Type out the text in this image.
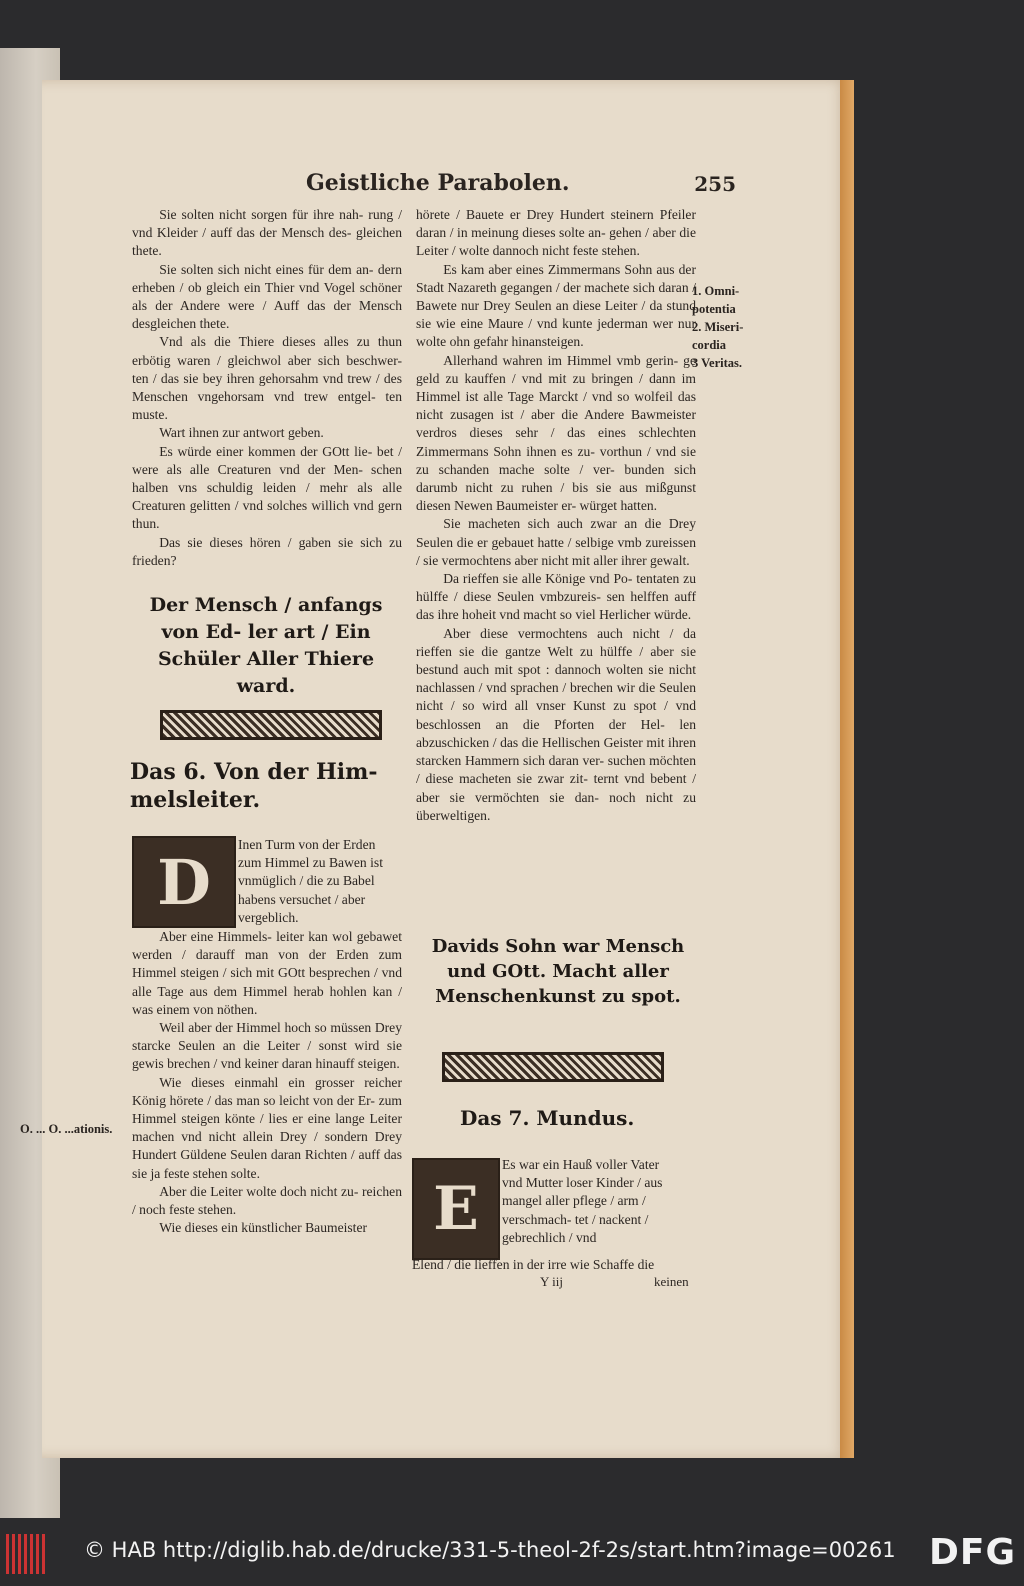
Geistliche Parabolen.	255

Sie solten nicht sorgen für ihre nah- rung / vnd Kleider / auff das der Mensch des- gleichen thete.

Sie solten sich nicht eines für dem an- dern erheben / ob gleich ein Thier vnd Vogel schöner als der Andere were / Auff das der Mensch desgleichen thete.

Vnd als die Thiere dieses alles zu thun erbötig waren / gleichwol aber sich beschwer- ten / das sie bey ihren gehorsahm vnd trew / des Menschen vngehorsam vnd trew entgel- ten muste.

Wart ihnen zur antwort geben.

Es würde einer kommen der GOtt lie- bet / were als alle Creaturen vnd der Men- schen halben vns schuldig leiden / mehr als alle Creaturen gelitten / vnd solches willich vnd gern thun.

Das sie dieses hören / gaben sie sich zu frieden?

Der Mensch / anfangs von Ed- ler art / Ein Schüler Aller Thiere ward.
Das 6. Von der Him- melsleiter.
D
Inen Turm von der Erden zum Himmel zu Bawen ist vnmüglich / die zu Babel habens versuchet / aber vergeblich.

Aber eine Himmels- leiter kan wol gebawet werden / darauff man von der Erden zum Himmel steigen / sich mit GOtt besprechen / vnd alle Tage aus dem Himmel herab hohlen kan / was einem von nöthen.

Weil aber der Himmel hoch so müssen Drey starcke Seulen an die Leiter / sonst wird sie gewis brechen / vnd keiner daran hinauff steigen.

Wie dieses einmahl ein grosser reicher König hörete / das man so leicht von der Er- zum Himmel steigen könte / lies er eine lange Leiter machen vnd nicht allein Drey / sondern Drey Hundert Güldene Seulen daran Richten / auff das sie ja feste stehen solte.

Aber die Leiter wolte doch nicht zu- reichen / noch feste stehen.

Wie dieses ein künstlicher Baumeister

hörete / Bauete er Drey Hundert steinern Pfeiler daran / in meinung dieses solte an- gehen / aber die Leiter / wolte dannoch nicht feste stehen.

Es kam aber eines Zimmermans Sohn aus der Stadt Nazareth gegangen / der machete sich daran / Bawete nur Drey Seulen an diese Leiter / da stund sie wie eine Maure / vnd kunte jederman wer nur wolte ohn gefahr hinansteigen.

Allerhand wahren im Himmel vmb gerin- ge geld zu kauffen / vnd mit zu bringen / dann im Himmel ist alle Tage Marckt / vnd so wolfeil das nicht zusagen ist / aber die Andere Bawmeister verdros dieses sehr / das eines schlechten Zimmermans Sohn ihnen es zu- vorthun / vnd sie zu schanden mache solte / ver- bunden sich darumb nicht zu ruhen / bis sie aus mißgunst diesen Newen Baumeister er- würget hatten.

Sie macheten sich auch zwar an die Drey Seulen die er gebauet hatte / selbige vmb zureissen / sie vermochtens aber nicht mit aller ihrer gewalt.

Da rieffen sie alle Könige vnd Po- tentaten zu hülffe / diese Seulen vmbzureis- sen helffen auff das ihre hoheit vnd macht so viel Herlicher würde.

Aber diese vermochtens auch nicht / da rieffen sie die gantze Welt zu hülffe / aber sie bestund auch mit spot : dannoch wolten sie nicht nachlassen / vnd sprachen / brechen wir die Seulen nicht / so wird all vnser Kunst zu spot / vnd beschlossen an die Pforten der Hel- len abzuschicken / das die Hellischen Geister mit ihren starcken Hammern sich daran ver- suchen möchten / diese macheten sie zwar zit- ternt vnd bebent / aber sie vermöchten sie dan- noch nicht zu überweltigen.

Davids Sohn war Mensch und GOtt. Macht aller Menschenkunst zu spot.
Das 7. Mundus.
E
Es war ein Hauß voller Vater vnd Mutter loser Kinder / aus mangel aller pflege / arm / verschmach- tet / nackent / gebrechlich / vnd
Elend / die lieffen in der irre wie Schaffe die
Y iij	keinen
1. Omni- potentia
2. Miseri- cordia
3 Veritas.
O. ... O. ...ationis.
© HAB http://diglib.hab.de/drucke/331-5-theol-2f-2s/start.htm?image=00261 DFG
